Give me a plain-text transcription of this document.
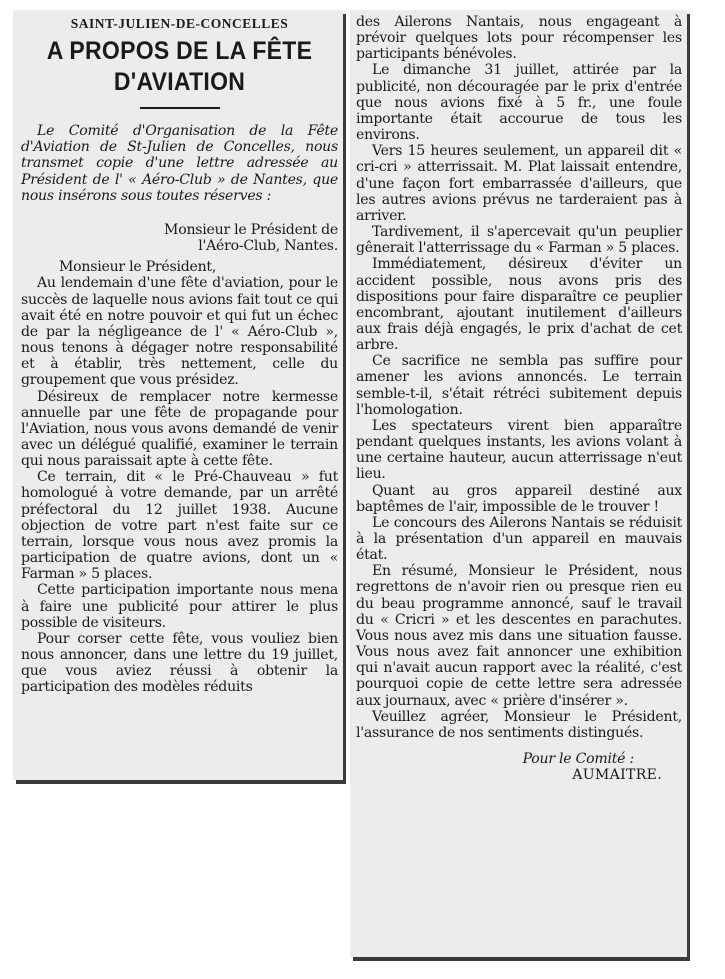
SAINT-JULIEN-DE-CONCELLES

A PROPOS DE LA FÊTE
D'AVIATION

Le Comité d'Organisation de la Fête d'Aviation de St-Julien de Concelles, nous transmet copie d'une lettre adressée au Président de l' « Aéro-Club » de Nantes, que nous insérons sous toutes réserves :

Monsieur le Président de

l'Aéro-Club, Nantes.

Monsieur le Président,

Au lendemain d'une fête d'aviation, pour le succès de laquelle nous avions fait tout ce qui avait été en notre pouvoir et qui fut un échec de par la négligeance de l' « Aéro-Club », nous tenons à dégager notre responsabilité et à établir, très nettement, celle du groupement que vous présidez.

Désireux de remplacer notre kermesse annuelle par une fête de propagande pour l'Aviation, nous vous avons demandé de venir avec un délégué qualifié, examiner le terrain qui nous paraissait apte à cette fête.

Ce terrain, dit « le Pré-Chauveau » fut homologué à votre demande, par un arrêté préfectoral du 12 juillet 1938. Aucune objection de votre part n'est faite sur ce terrain, lorsque vous nous avez promis la participation de quatre avions, dont un « Farman » 5 places.

Cette participation importante nous mena à faire une publicité pour attirer le plus possible de visiteurs.

Pour corser cette fête, vous vouliez bien nous annoncer, dans une lettre du 19 juillet, que vous aviez réussi à obtenir la participation des modèles réduits

des Ailerons Nantais, nous engageant à prévoir quelques lots pour récompenser les participants bénévoles.

Le dimanche 31 juillet, attirée par la publicité, non découragée par le prix d'entrée que nous avions fixé à 5 fr., une foule importante était accourue de tous les environs.

Vers 15 heures seulement, un appareil dit « cri-cri » atterrissait. M. Plat laissait entendre, d'une façon fort embarrassée d'ailleurs, que les autres avions prévus ne tarderaient pas à arriver.

Tardivement, il s'apercevait qu'un peuplier gênerait l'atterrissage du « Farman » 5 places.

Immédiatement, désireux d'éviter un accident possible, nous avons pris des dispositions pour faire disparaître ce peuplier encombrant, ajoutant inutilement d'ailleurs aux frais déjà engagés, le prix d'achat de cet arbre.

Ce sacrifice ne sembla pas suffire pour amener les avions annoncés. Le terrain semble-t-il, s'était rétréci subitement depuis l'homologation.

Les spectateurs virent bien apparaître pendant quelques instants, les avions volant à une certaine hauteur, aucun atterrissage n'eut lieu.

Quant au gros appareil destiné aux baptêmes de l'air, impossible de le trouver !

Le concours des Ailerons Nantais se réduisit à la présentation d'un appareil en mauvais état.

En résumé, Monsieur le Président, nous regrettons de n'avoir rien ou presque rien eu du beau programme annoncé, sauf le travail du « Cricri » et les descentes en parachutes. Vous nous avez mis dans une situation fausse. Vous nous avez fait annoncer une exhibition qui n'avait aucun rapport avec la réalité, c'est pourquoi copie de cette lettre sera adressée aux journaux, avec « prière d'insérer ».

Veuillez agréer, Monsieur le Président, l'assurance de nos sentiments distingués.

Pour le Comité :

AUMAITRE.
